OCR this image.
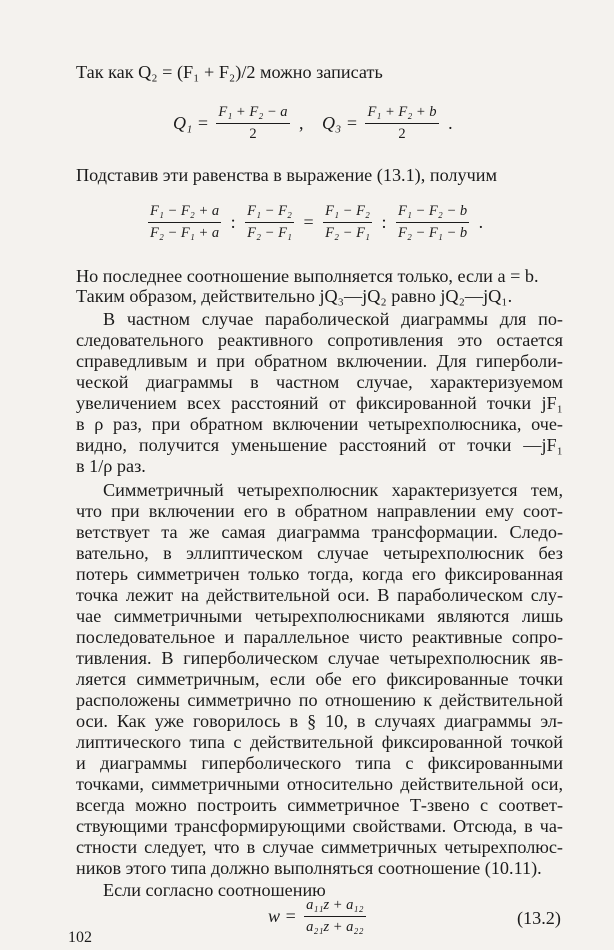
Так как Q₂ = (F₁ + F₂)/2 можно записать
$Q_1 = \frac{\text{F₁ + F₂ − a}}{2}$ , $Q_3 = \frac{\text{F₁ + F₂ + b}}{2}$ .
Подставив эти равенства в выражение (13.1), получим
$\frac{\text{F₁ − F₂ + a}}{\text{F₂ − F₁ + a}}$ : $\frac{\text{F₁ − F₂}}{\text{F₂ − F₁}} = \frac{\text{F₁ − F₂}}{\text{F₂ − F₁}}$ : $\frac{\text{F₁ − F₂ − b}}{\text{F₂ − F₁ − b}}$ .
Но последнее соотношение выполняется только, если a = b.
Таким образом, действительно jQ₃—jQ₂ равно jQ₂—jQ₁.
В частном случае параболической диаграммы для по-
следовательного реактивного сопротивления это остается
справедливым и при обратном включении. Для гиперболи-
ческой диаграммы в частном случае, характеризуемом
увеличением всех расстояний от фиксированной точки jF₁
в ρ раз, при обратном включении четырехполюсника, оче-
видно, получится уменьшение расстояний от точки —jF₁
в 1/ρ раз.
Симметричный четырехполюсник характеризуется тем,
что при включении его в обратном направлении ему соот-
ветствует та же самая диаграмма трансформации. Следо-
вательно, в эллиптическом случае четырехполюсник без
потерь симметричен только тогда, когда его фиксированная
точка лежит на действительной оси. В параболическом слу-
чае симметричными четырехполюсниками являются лишь
последовательное и параллельное чисто реактивные сопро-
тивления. В гиперболическом случае четырехполюсник яв-
ляется симметричным, если обе его фиксированные точки
расположены симметрично по отношению к действительной
оси. Как уже говорилось в § 10, в случаях диаграммы эл-
липтического типа с действительной фиксированной точкой
и диаграммы гиперболического типа с фиксированными
точками, симметричными относительно действительной оси,
всегда можно построить симметричное Т-звено с соответ-
ствующими трансформирующими свойствами. Отсюда, в ча-
стности следует, что в случае симметричных четырехполюс-
ников этого типа должно выполняться соотношение (10.11).
Если согласно соотношению
$w = \frac{\text{a₁₁z + a₁₂}}{\text{a₂₁z + a₂₂}}$	(13.2)
102
